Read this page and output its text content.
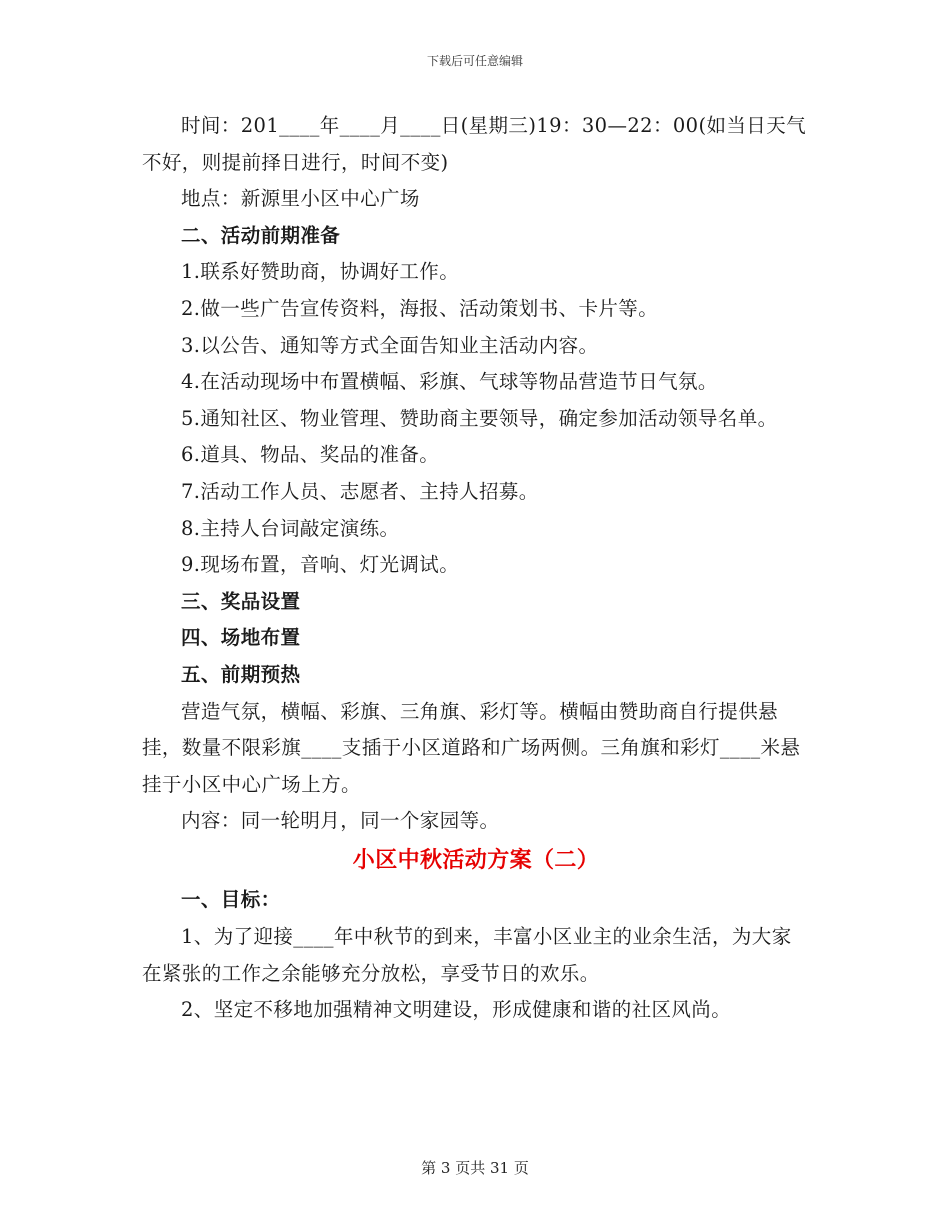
下载后可任意编辑

时间：201____年____月____日(星期三)19：30—22：00(如当日天气不好，则提前择日进行，时间不变)

地点：新源里小区中心广场

二、活动前期准备

1.联系好赞助商，协调好工作。

2.做一些广告宣传资料，海报、活动策划书、卡片等。

3.以公告、通知等方式全面告知业主活动内容。

4.在活动现场中布置横幅、彩旗、气球等物品营造节日气氛。

5.通知社区、物业管理、赞助商主要领导，确定参加活动领导名单。

6.道具、物品、奖品的准备。

7.活动工作人员、志愿者、主持人招募。

8.主持人台词敲定演练。

9.现场布置，音响、灯光调试。

三、奖品设置

四、场地布置

五、前期预热

营造气氛，横幅、彩旗、三角旗、彩灯等。横幅由赞助商自行提供悬挂，数量不限彩旗____支插于小区道路和广场两侧。三角旗和彩灯____米悬挂于小区中心广场上方。

内容：同一轮明月，同一个家园等。

小区中秋活动方案（二）

一、目标：

1、为了迎接____年中秋节的到来，丰富小区业主的业余生活，为大家在紧张的工作之余能够充分放松，享受节日的欢乐。

2、坚定不移地加强精神文明建设，形成健康和谐的社区风尚。

第 3 页共 31 页
